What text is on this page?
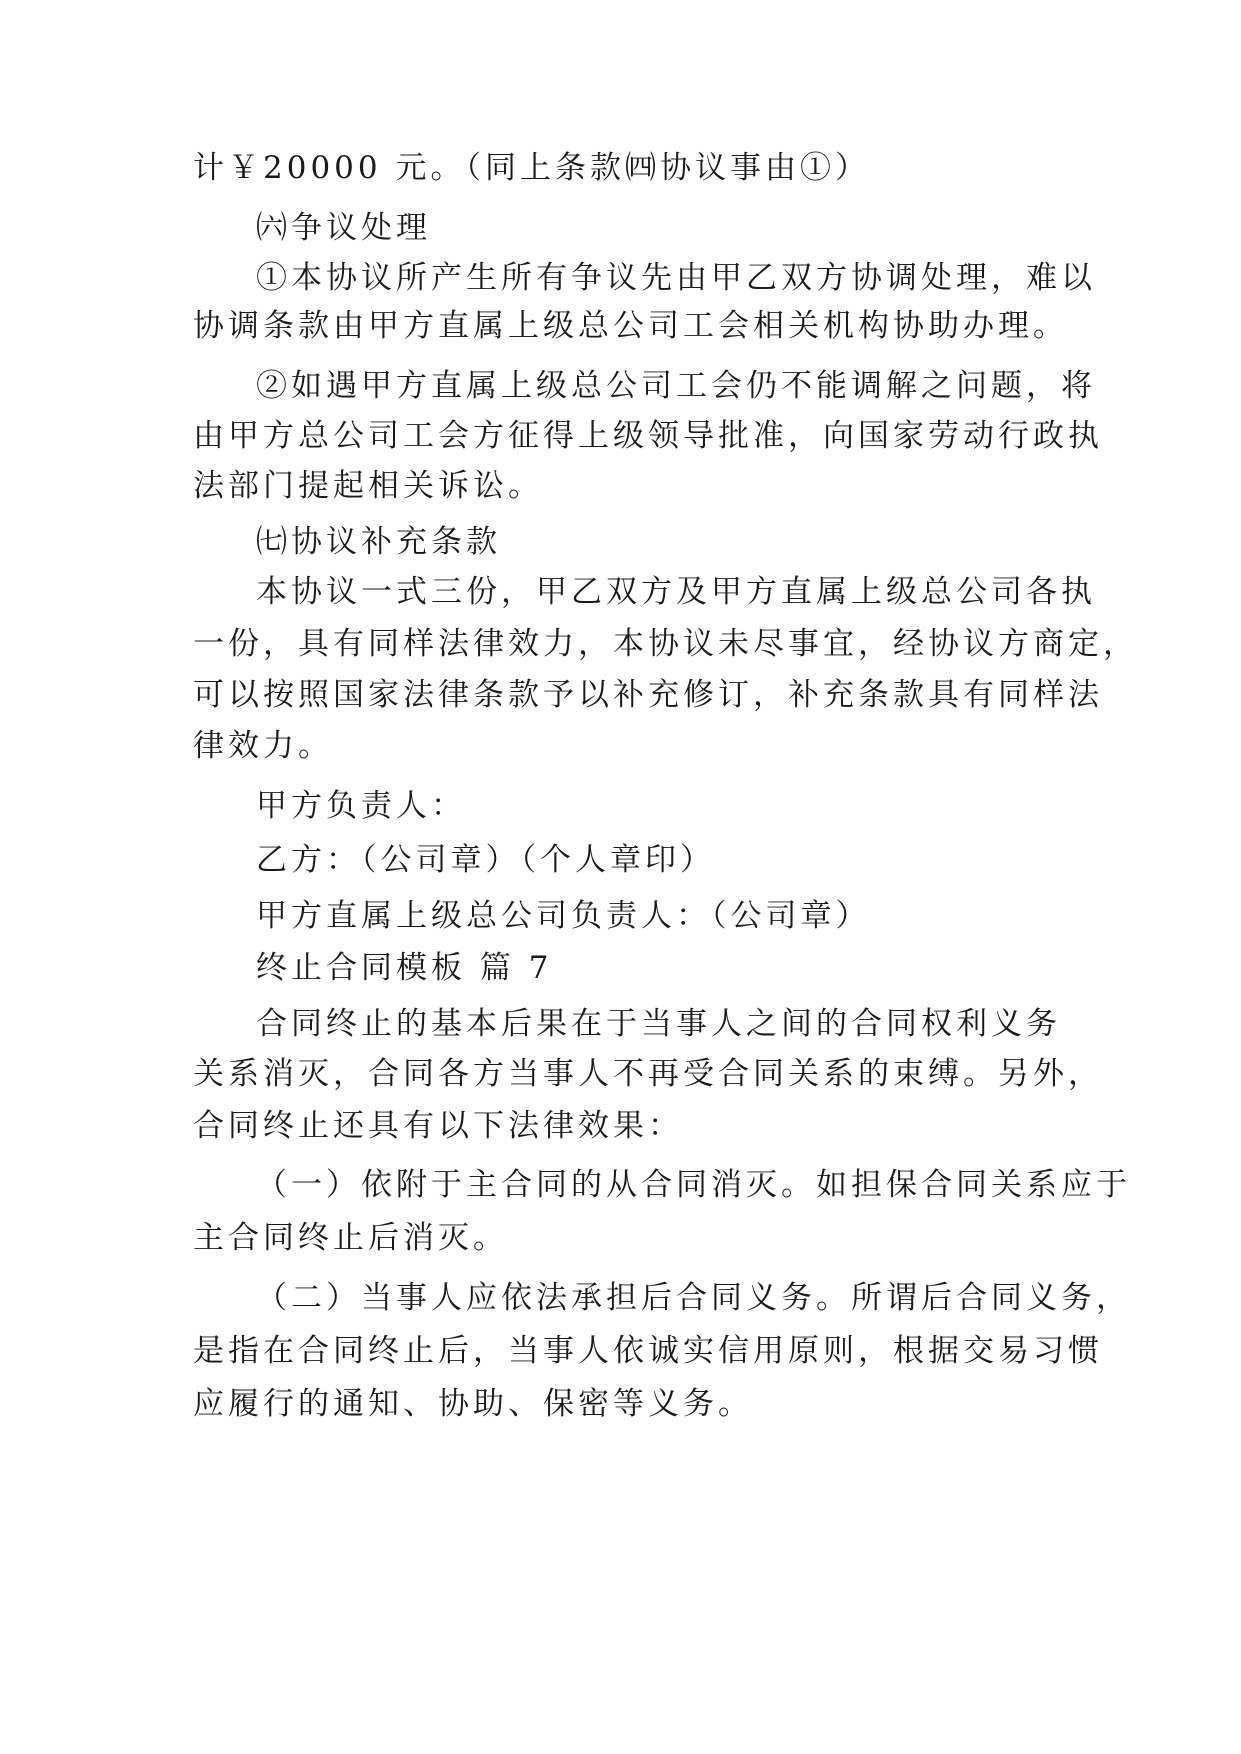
计￥20000 元。（同上条款㈣协议事由①）
㈥争议处理
①本协议所产生所有争议先由甲乙双方协调处理，难以
协调条款由甲方直属上级总公司工会相关机构协助办理。
②如遇甲方直属上级总公司工会仍不能调解之问题，将
由甲方总公司工会方征得上级领导批准，向国家劳动行政执
法部门提起相关诉讼。
㈦协议补充条款
本协议一式三份，甲乙双方及甲方直属上级总公司各执
一份，具有同样法律效力，本协议未尽事宜，经协议方商定，
可以按照国家法律条款予以补充修订，补充条款具有同样法
律效力。
甲方负责人：
乙方：（公司章）（个人章印）
甲方直属上级总公司负责人：（公司章）
终止合同模板 篇 7
合同终止的基本后果在于当事人之间的合同权利义务
关系消灭，合同各方当事人不再受合同关系的束缚。另外，
合同终止还具有以下法律效果：
（一）依附于主合同的从合同消灭。如担保合同关系应于
主合同终止后消灭。
（二）当事人应依法承担后合同义务。所谓后合同义务，
是指在合同终止后，当事人依诚实信用原则，根据交易习惯
应履行的通知、协助、保密等义务。
